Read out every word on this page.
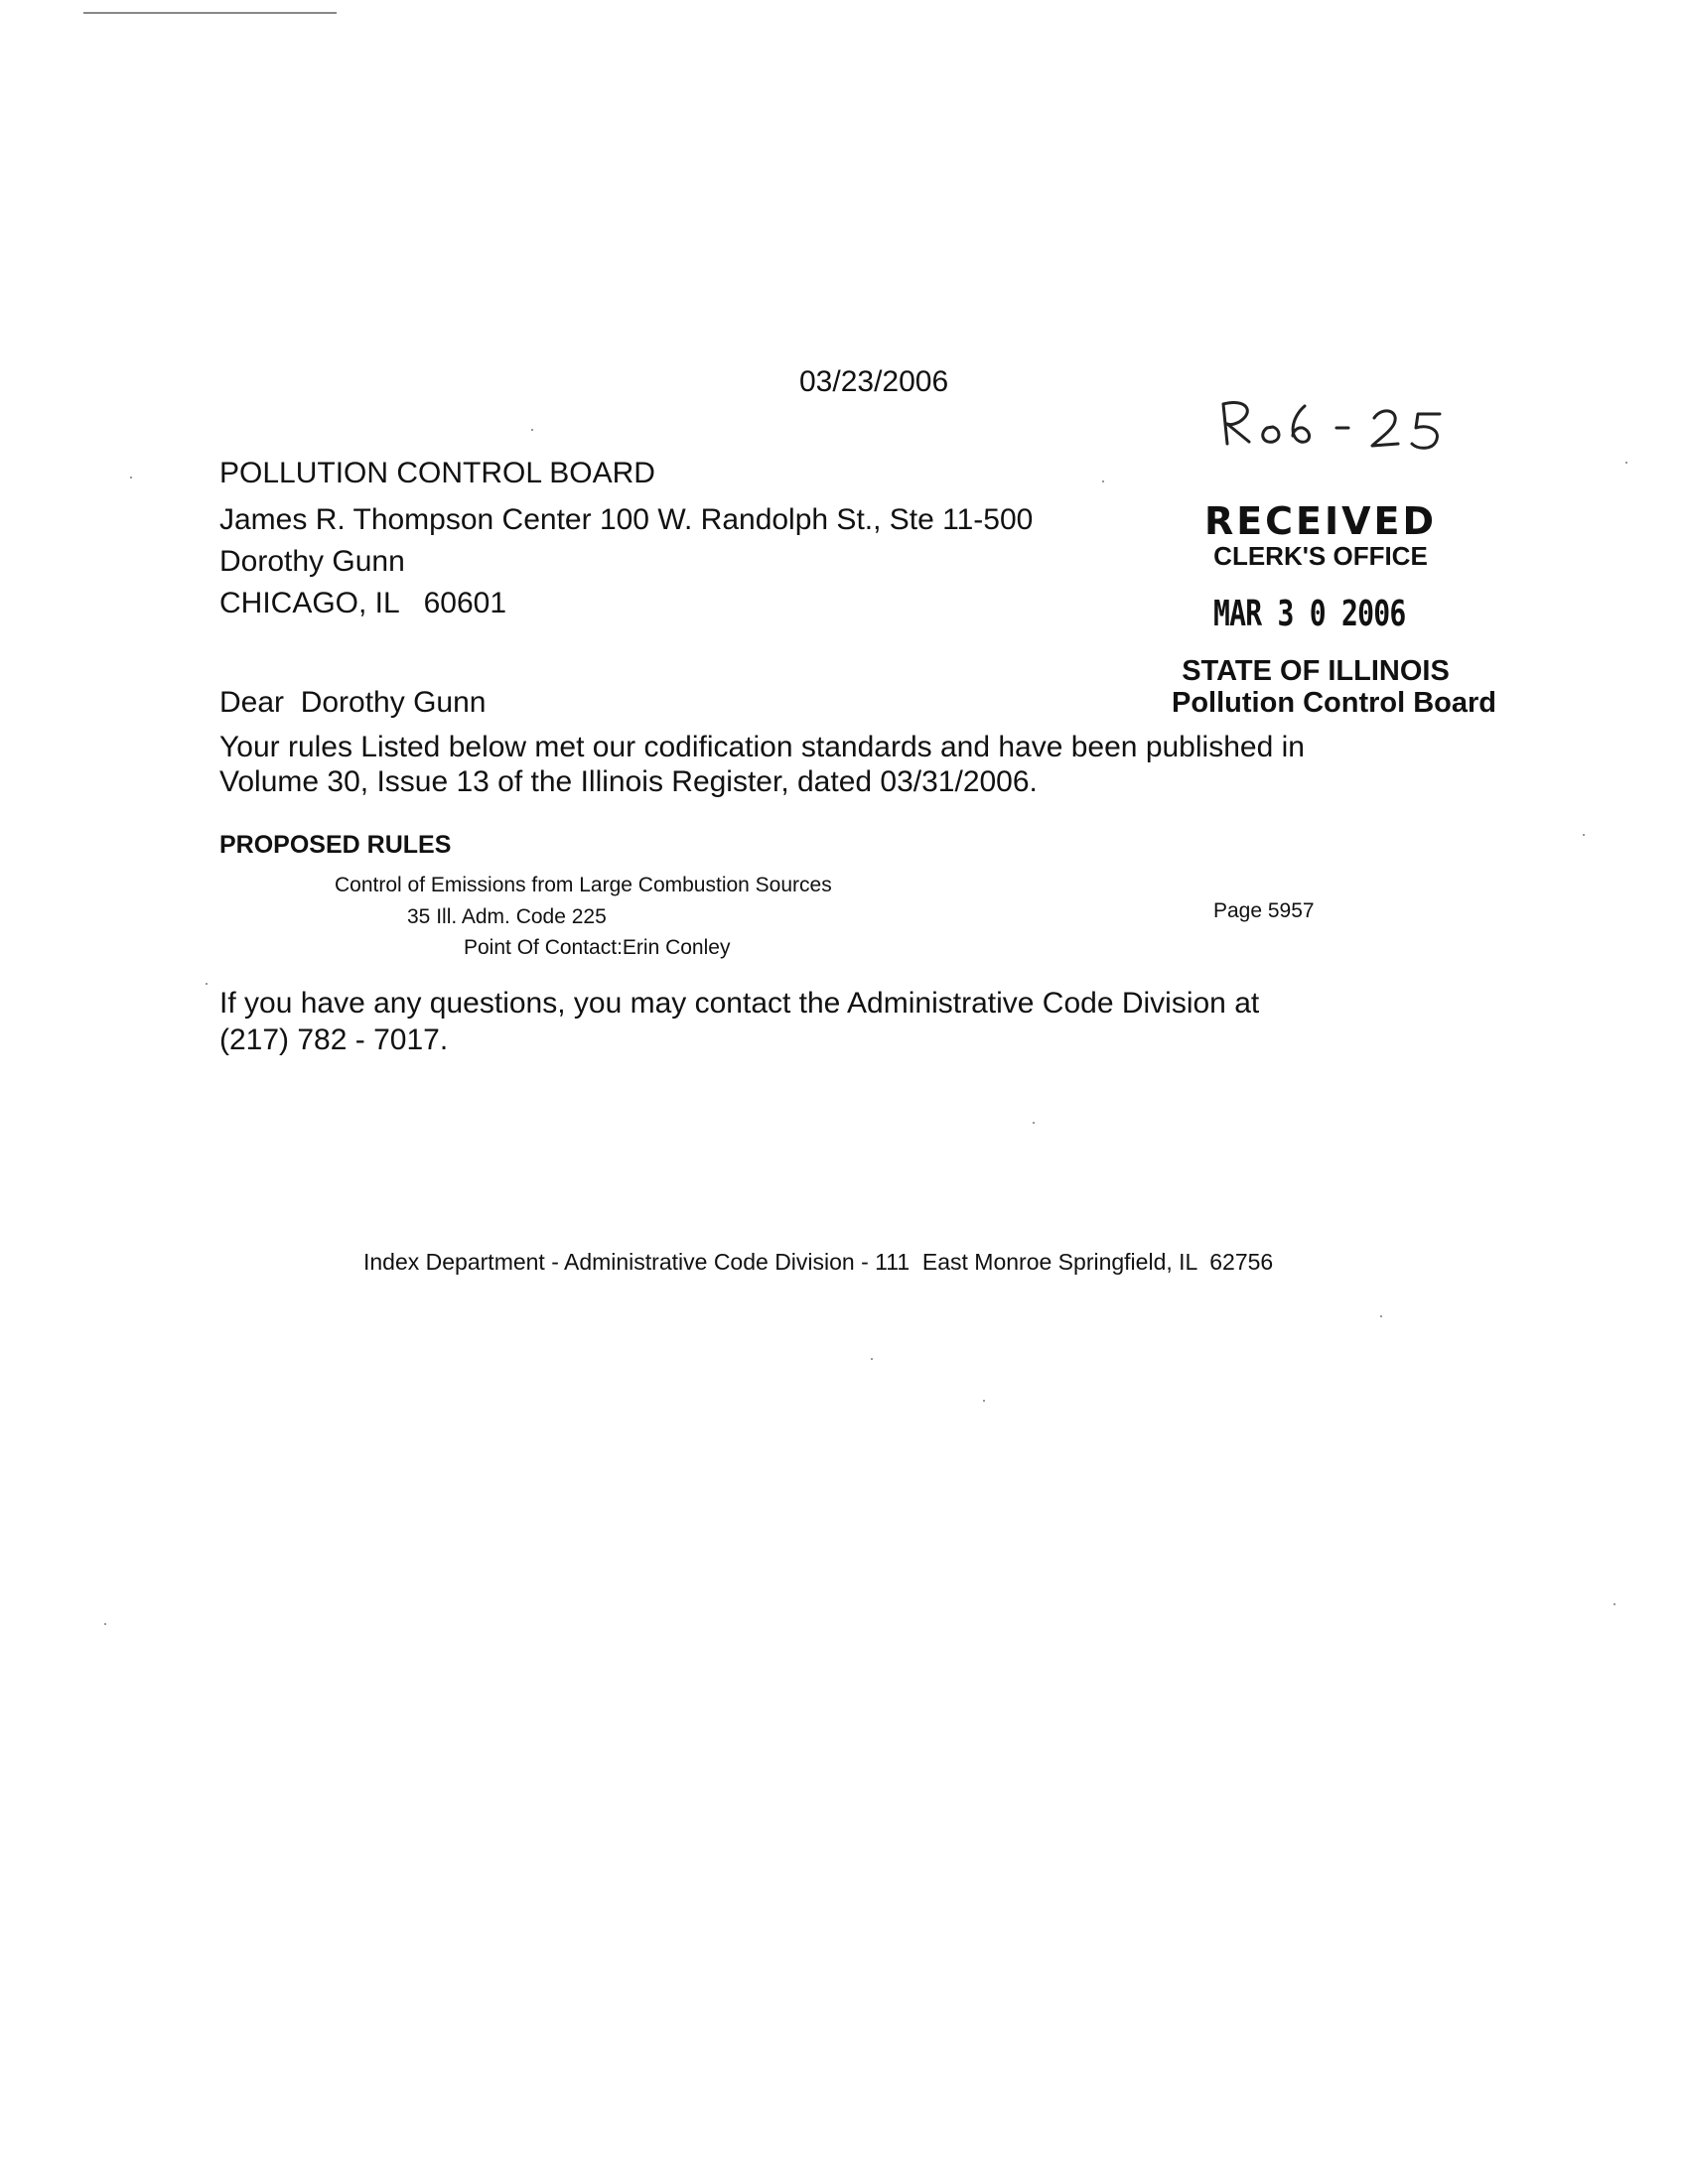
03/23/2006
POLLUTION CONTROL BOARD
James R. Thompson Center 100 W. Randolph St., Ste 11-500
Dorothy Gunn
CHICAGO, IL   60601
RECEIVED
CLERK'S OFFICE
MAR 3 0 2006
STATE OF ILLINOIS
Pollution Control Board
Dear  Dorothy Gunn
Your rules Listed below met our codification standards and have been published in
Volume 30, Issue 13 of the Illinois Register, dated 03/31/2006.
PROPOSED RULES
Control of Emissions from Large Combustion Sources
35 Ill. Adm. Code 225
Point Of Contact:Erin Conley
Page 5957
If you have any questions, you may contact the Administrative Code Division at
(217) 782 - 7017.
Index Department - Administrative Code Division - 111  East Monroe Springfield, IL  62756
